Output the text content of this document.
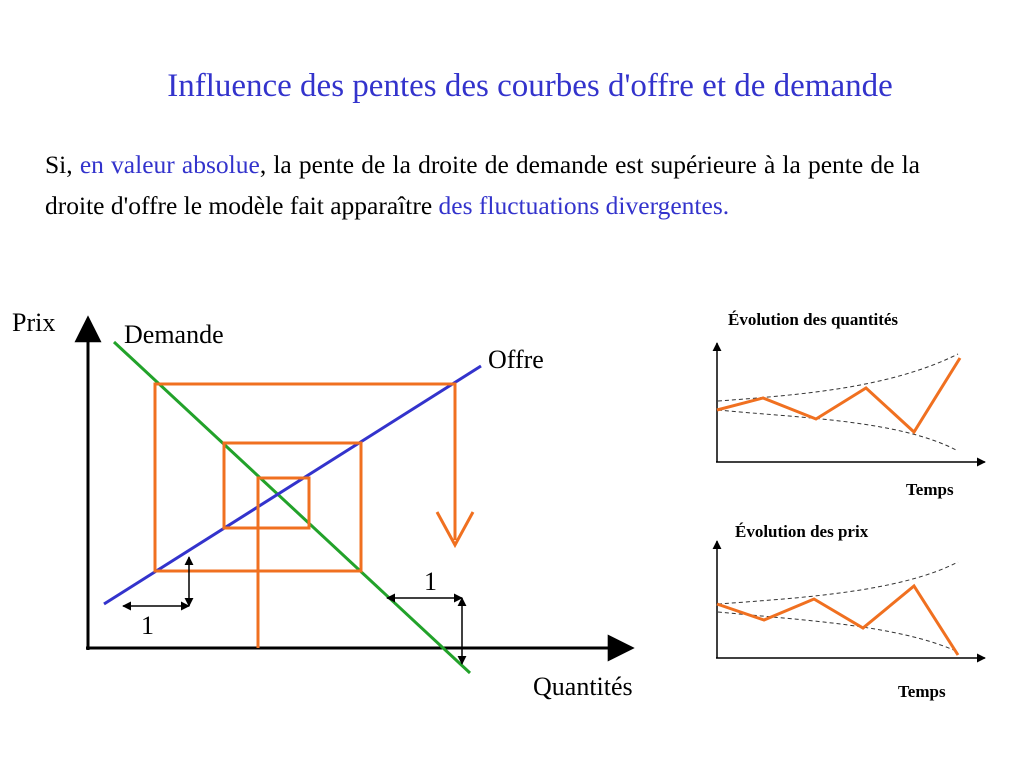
Influence des pentes des courbes d'offre et de demande
Si, en valeur absolue, la pente de la droite de demande est supérieure à la pente de la droite d'offre le modèle fait apparaître des fluctuations divergentes.
Prix	Demande
Offre
Quantités
1
1
Évolution des quantités
Temps
Évolution des prix
Temps
